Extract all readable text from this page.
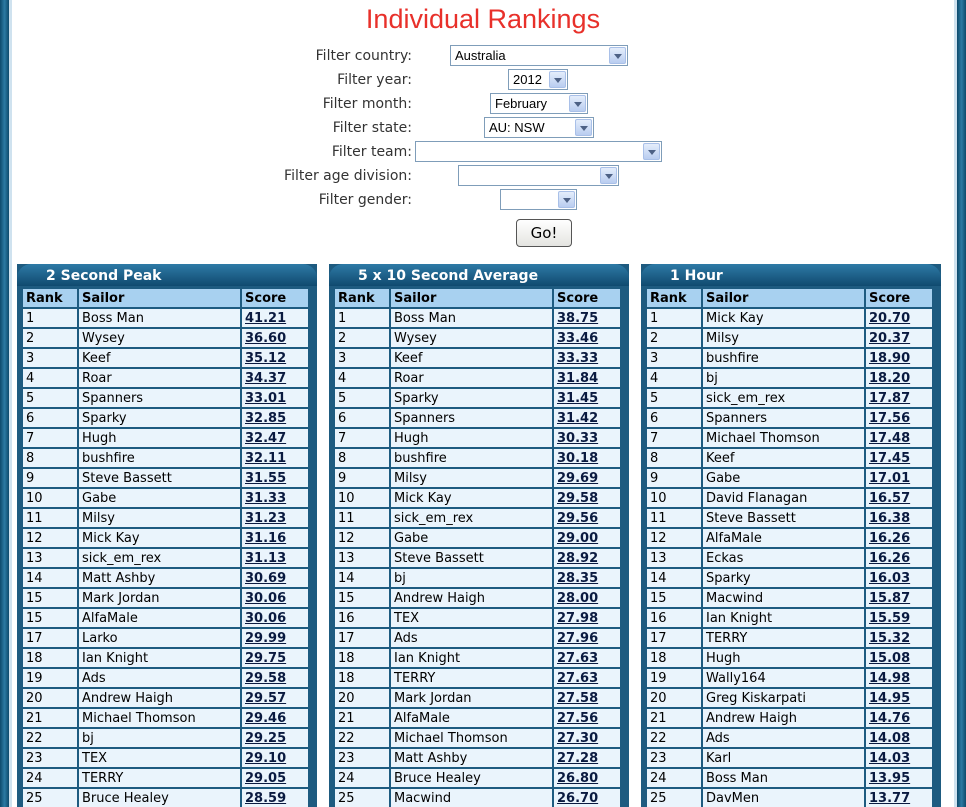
Individual Rankings
Filter country:	Australia
Filter year:	2012
Filter month:	February
Filter state:	AU: NSW
Filter team:
Filter age division:
Filter gender:
Go!
2 Second Peak
Rank	Sailor	Score
1	Boss Man	41.21
2	Wysey	36.60
3	Keef	35.12
4	Roar	34.37
5	Spanners	33.01
6	Sparky	32.85
7	Hugh	32.47
8	bushfire	32.11
9	Steve Bassett	31.55
10	Gabe	31.33
11	Milsy	31.23
12	Mick Kay	31.16
13	sick_em_rex	31.13
14	Matt Ashby	30.69
15	Mark Jordan	30.06
15	AlfaMale	30.06
17	Larko	29.99
18	Ian Knight	29.75
19	Ads	29.58
20	Andrew Haigh	29.57
21	Michael Thomson	29.46
22	bj	29.25
23	TEX	29.10
24	TERRY	29.05
25	Bruce Healey	28.59
5 x 10 Second Average
Rank	Sailor	Score
1	Boss Man	38.75
2	Wysey	33.46
3	Keef	33.33
4	Roar	31.84
5	Sparky	31.45
6	Spanners	31.42
7	Hugh	30.33
8	bushfire	30.18
9	Milsy	29.69
10	Mick Kay	29.58
11	sick_em_rex	29.56
12	Gabe	29.00
13	Steve Bassett	28.92
14	bj	28.35
15	Andrew Haigh	28.00
16	TEX	27.98
17	Ads	27.96
18	Ian Knight	27.63
18	TERRY	27.63
20	Mark Jordan	27.58
21	AlfaMale	27.56
22	Michael Thomson	27.30
23	Matt Ashby	27.28
24	Bruce Healey	26.80
25	Macwind	26.70
1 Hour
Rank	Sailor	Score
1	Mick Kay	20.70
2	Milsy	20.37
3	bushfire	18.90
4	bj	18.20
5	sick_em_rex	17.87
6	Spanners	17.56
7	Michael Thomson	17.48
8	Keef	17.45
9	Gabe	17.01
10	David Flanagan	16.57
11	Steve Bassett	16.38
12	AlfaMale	16.26
13	Eckas	16.26
14	Sparky	16.03
15	Macwind	15.87
16	Ian Knight	15.59
17	TERRY	15.32
18	Hugh	15.08
19	Wally164	14.98
20	Greg Kiskarpati	14.95
21	Andrew Haigh	14.76
22	Ads	14.08
23	Karl	14.03
24	Boss Man	13.95
25	DavMen	13.77
